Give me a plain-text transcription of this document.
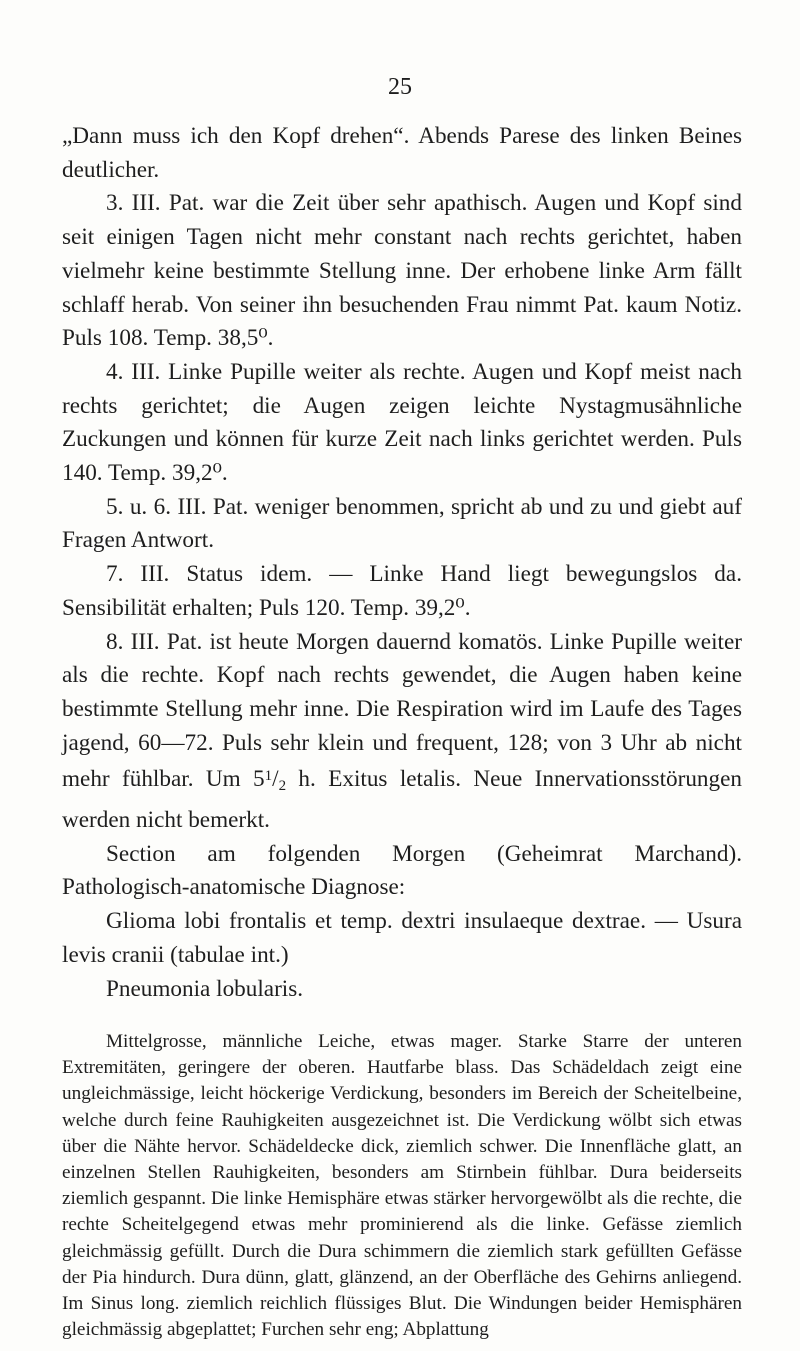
25

„Dann muss ich den Kopf drehen“. Abends Parese des linken Beines deutlicher.

3. III. Pat. war die Zeit über sehr apathisch. Augen und Kopf sind seit einigen Tagen nicht mehr constant nach rechts gerichtet, haben vielmehr keine bestimmte Stellung inne. Der erhobene linke Arm fällt schlaff herab. Von seiner ihn besuchenden Frau nimmt Pat. kaum Notiz. Puls 108. Temp. 38,5⁰.

4. III. Linke Pupille weiter als rechte. Augen und Kopf meist nach rechts gerichtet; die Augen zeigen leichte Nystagmusähnliche Zuckungen und können für kurze Zeit nach links gerichtet werden. Puls 140. Temp. 39,2⁰.

5. u. 6. III. Pat. weniger benommen, spricht ab und zu und giebt auf Fragen Antwort.

7. III. Status idem. — Linke Hand liegt bewegungslos da. Sensibilität erhalten; Puls 120. Temp. 39,2⁰.

8. III. Pat. ist heute Morgen dauernd komatös. Linke Pupille weiter als die rechte. Kopf nach rechts gewendet, die Augen haben keine bestimmte Stellung mehr inne. Die Respiration wird im Laufe des Tages jagend, 60—72. Puls sehr klein und frequent, 128; von 3 Uhr ab nicht mehr fühlbar. Um $5^1/2$ h. Exitus letalis. Neue Innervationsstörungen werden nicht bemerkt.

Section am folgenden Morgen (Geheimrat Marchand). Pathologisch-anatomische Diagnose:

Glioma lobi frontalis et temp. dextri insulaeque dextrae. — Usura levis cranii (tabulae int.)

Pneumonia lobularis.

Mittelgrosse, männliche Leiche, etwas mager. Starke Starre der unteren Extremitäten, geringere der oberen. Hautfarbe blass. Das Schädeldach zeigt eine ungleichmässige, leicht höckerige Verdickung, besonders im Bereich der Scheitelbeine, welche durch feine Rauhigkeiten ausgezeichnet ist. Die Verdickung wölbt sich etwas über die Nähte hervor. Schädeldecke dick, ziemlich schwer. Die Innenfläche glatt, an einzelnen Stellen Rauhigkeiten, besonders am Stirnbein fühlbar. Dura beiderseits ziemlich gespannt. Die linke Hemisphäre etwas stärker hervorgewölbt als die rechte, die rechte Scheitelgegend etwas mehr prominierend als die linke. Gefässe ziemlich gleichmässig gefüllt. Durch die Dura schimmern die ziemlich stark gefüllten Gefässe der Pia hindurch. Dura dünn, glatt, glänzend, an der Oberfläche des Gehirns anliegend. Im Sinus long. ziemlich reichlich flüssiges Blut. Die Windungen beider Hemisphären gleichmässig abgeplattet; Furchen sehr eng; Abplattung
